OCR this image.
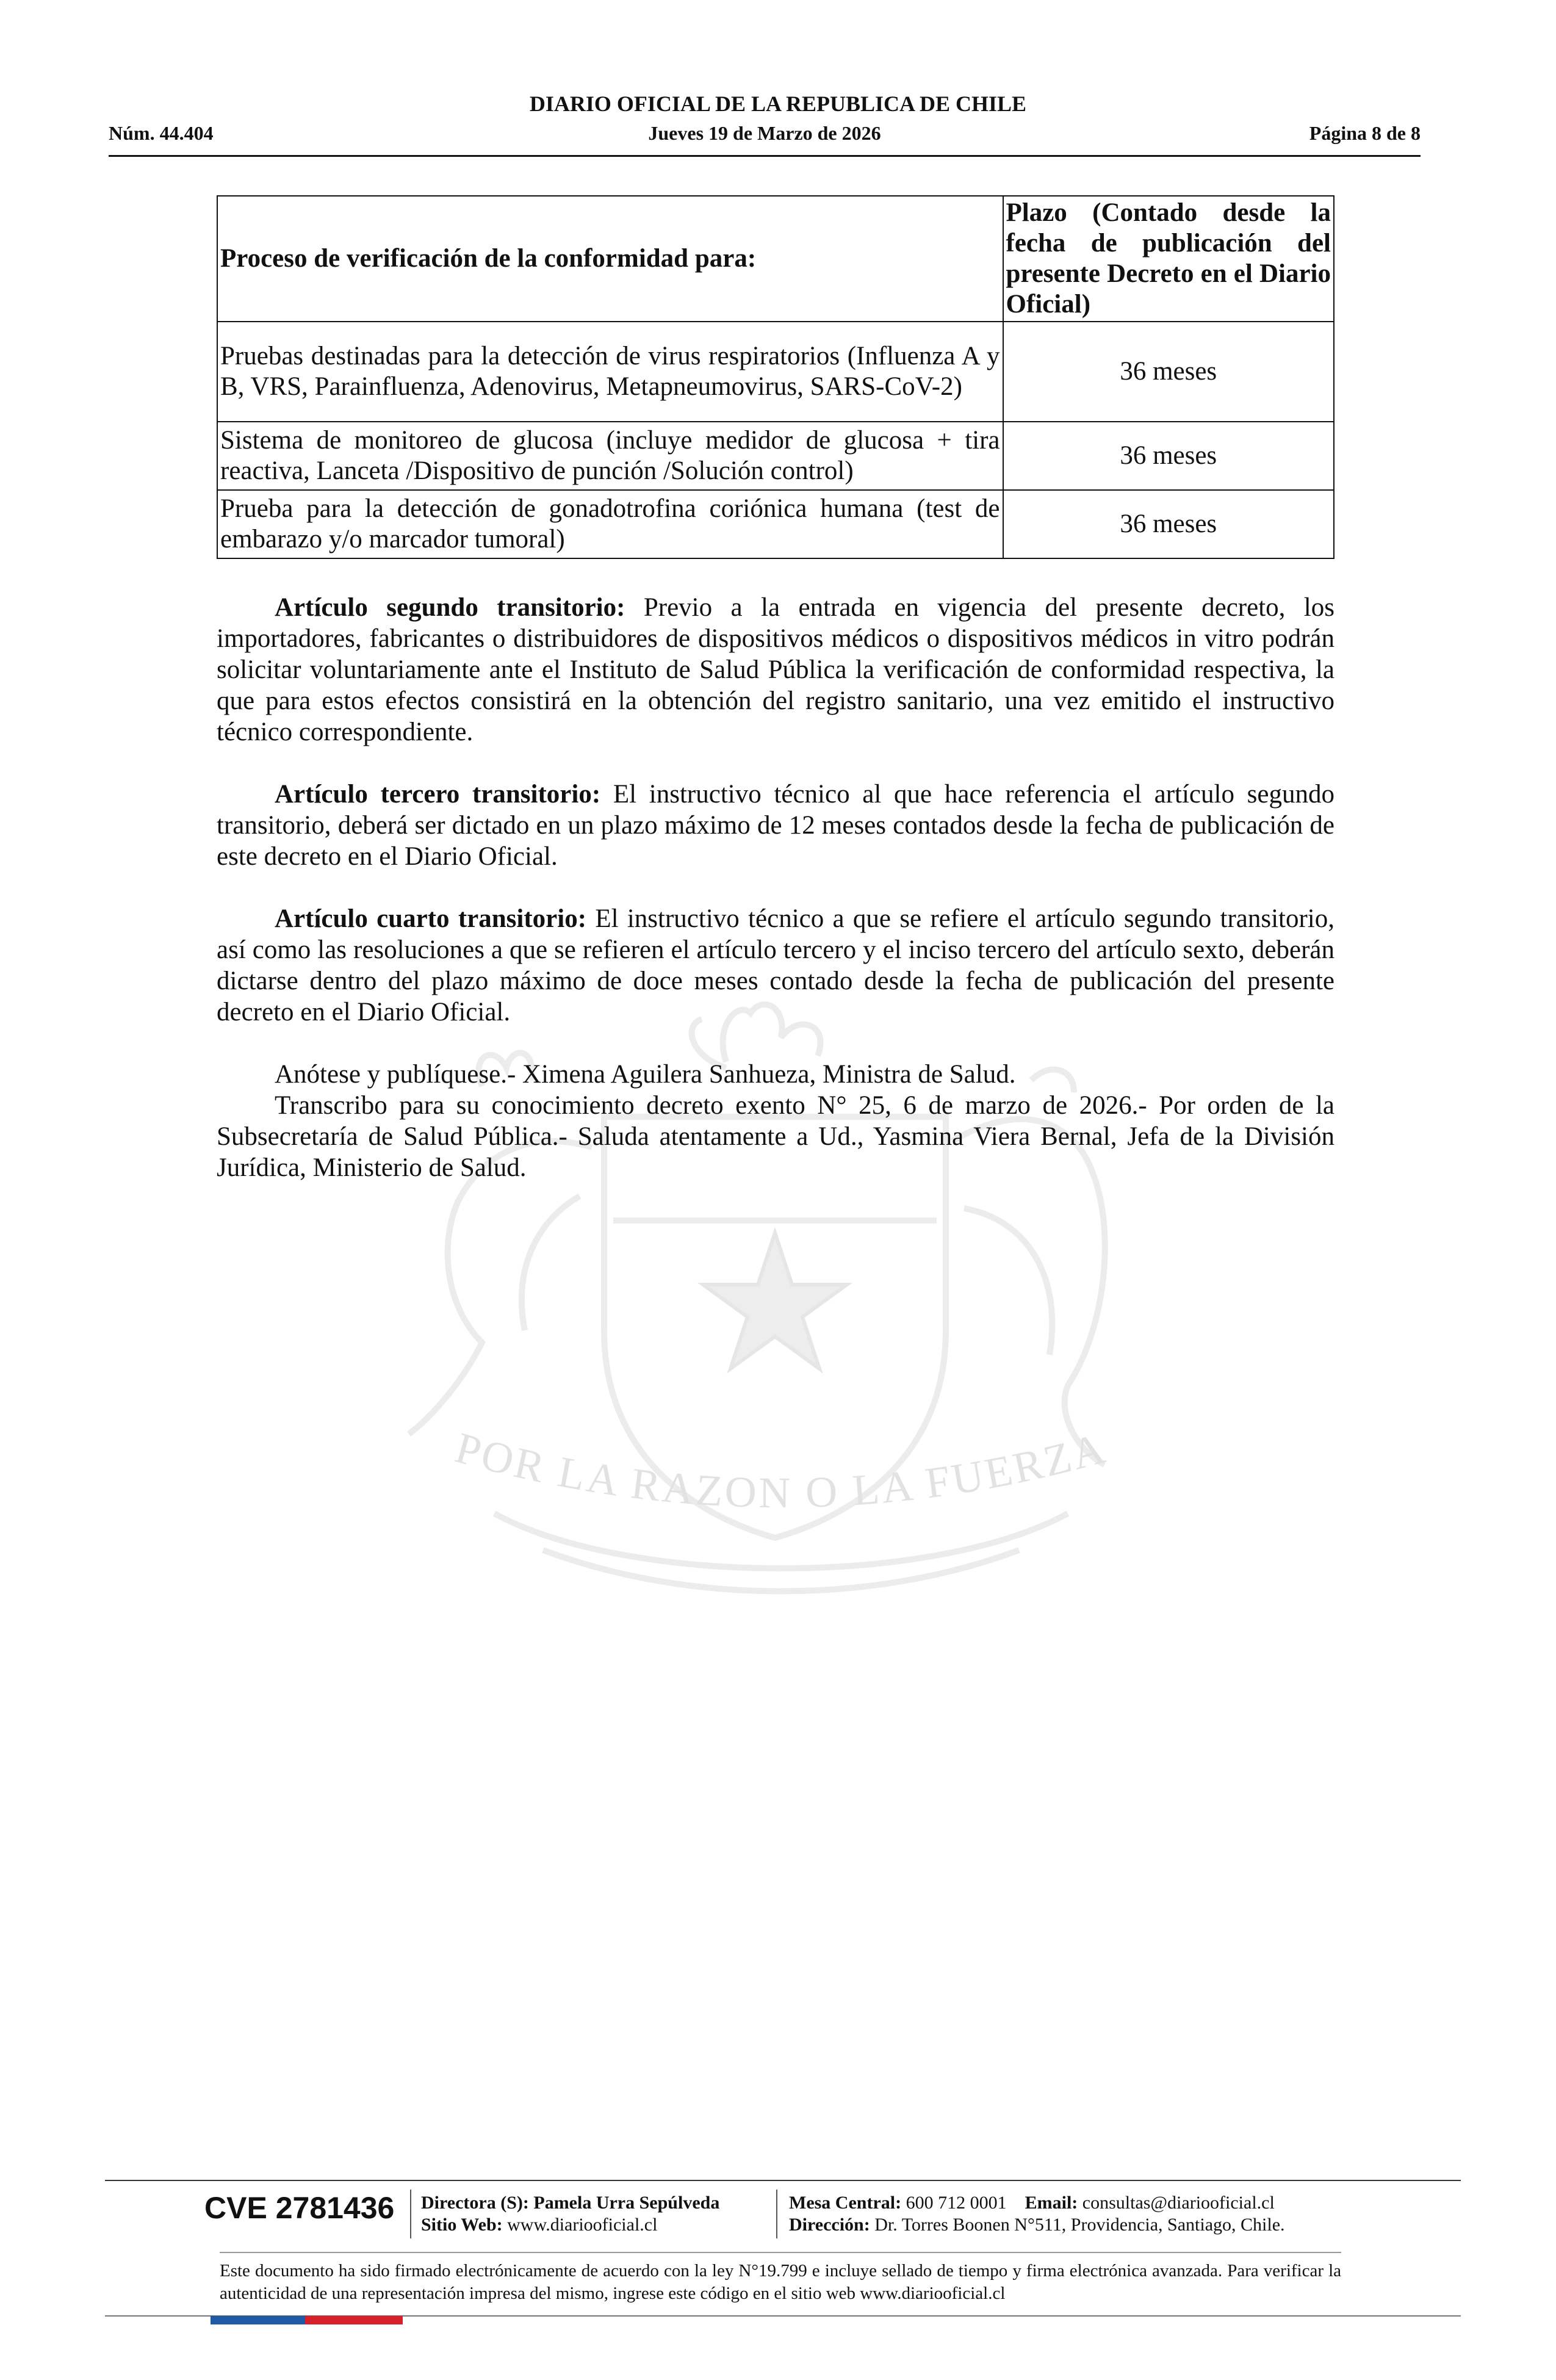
POR LA RAZON O LA FUERZA
DIARIO OFICIAL DE LA REPUBLICA DE CHILE
Núm. 44.404	Jueves 19 de Marzo de 2026	Página 8 de 8
Proceso de verificación de la conformidad para:	Plazo (Contado desde la fecha de publicación del presente Decreto en el Diario Oficial)
Pruebas destinadas para la detección de virus respiratorios (Influenza A y B, VRS, Parainfluenza, Adenovirus, Metapneumovirus, SARS-CoV-2)	36 meses
Sistema de monitoreo de glucosa (incluye medidor de glucosa + tira reactiva, Lanceta /Dispositivo de punción /Solución control)	36 meses
Prueba para la detección de gonadotrofina coriónica humana (test de embarazo y/o marcador tumoral)	36 meses

Artículo segundo transitorio: Previo a la entrada en vigencia del presente decreto, los importadores, fabricantes o distribuidores de dispositivos médicos o dispositivos médicos in vitro podrán solicitar voluntariamente ante el Instituto de Salud Pública la verificación de conformidad respectiva, la que para estos efectos consistirá en la obtención del registro sanitario, una vez emitido el instructivo técnico correspondiente.

Artículo tercero transitorio: El instructivo técnico al que hace referencia el artículo segundo transitorio, deberá ser dictado en un plazo máximo de 12 meses contados desde la fecha de publicación de este decreto en el Diario Oficial.

Artículo cuarto transitorio: El instructivo técnico a que se refiere el artículo segundo transitorio, así como las resoluciones a que se refieren el artículo tercero y el inciso tercero del artículo sexto, deberán dictarse dentro del plazo máximo de doce meses contado desde la fecha de publicación del presente decreto en el Diario Oficial.

Anótese y publíquese.- Ximena Aguilera Sanhueza, Ministra de Salud.

Transcribo para su conocimiento decreto exento N° 25, 6 de marzo de 2026.- Por orden de la Subsecretaría de Salud Pública.- Saluda atentamente a Ud., Yasmina Viera Bernal, Jefa de la División Jurídica, Ministerio de Salud.

CVE 2781436 Directora (S): Pamela Urra Sepúlveda
Sitio Web: www.diariooficial.cl
Mesa Central: 600 712 0001 Email: consultas@diariooficial.cl
Dirección: Dr. Torres Boonen N°511, Providencia, Santiago, Chile.
Este documento ha sido firmado electrónicamente de acuerdo con la ley N°19.799 e incluye sellado de tiempo y firma electrónica avanzada. Para verificar la autenticidad de una representación impresa del mismo, ingrese este código en el sitio web www.diariooficial.cl
